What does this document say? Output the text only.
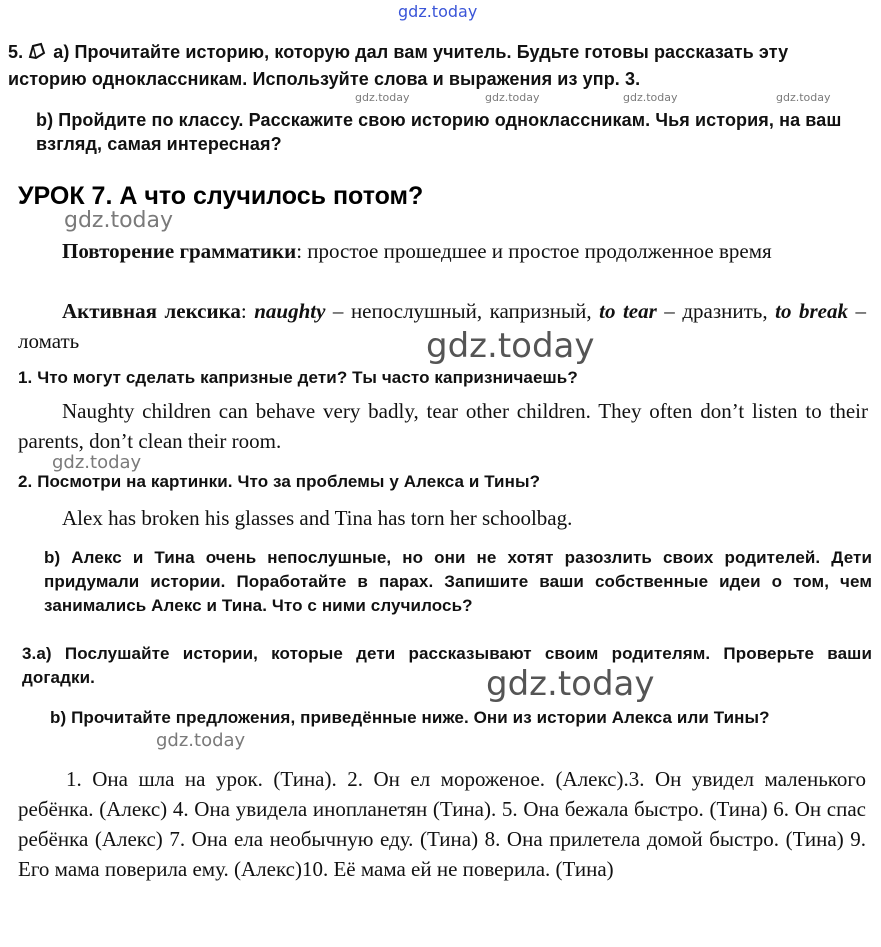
gdz.today
5. a) Прочитайте историю, которую дал вам учитель. Будьте готовы рассказать эту историю одноклассникам. Используйте слова и выражения из упр. 3.
gdz.today	gdz.today	gdz.today	gdz.today
b) Пройдите по классу. Расскажите свою историю одноклассникам. Чья история, на ваш взгляд, самая интересная?
УРОК 7. А что случилось потом?
gdz.today
Повторение грамматики: простое прошедшее и простое продолженное время
Активная лексика: naughty – непослушный, капризный, to tear – дразнить, to break – ломать	gdz.today
1. Что могут сделать капризные дети? Ты часто капризничаешь?
Naughty children can behave very badly, tear other children. They often don’t listen to their parents, don’t clean their room.
gdz.today
2. Посмотри на картинки. Что за проблемы у Алекса и Тины?
Alex has broken his glasses and Tina has torn her schoolbag.
b) Алекс и Тина очень непослушные, но они не хотят разозлить своих родителей. Дети придумали истории. Поработайте в парах. Запишите ваши собственные идеи о том, чем занимались Алекс и Тина. Что с ними случилось?
3.a) Послушайте истории, которые дети рассказывают своим родителям. Проверьте ваши догадки.	gdz.today
b) Прочитайте предложения, приведённые ниже. Они из истории Алекса или Тины?
gdz.today
1. Она шла на урок. (Тина). 2. Он ел мороженое. (Алекс).3. Он увидел маленького ребёнка. (Алекс) 4. Она увидела инопланетян (Тина). 5. Она бежала быстро. (Тина) 6. Он спас ребёнка (Алекс) 7. Она ела необычную еду. (Тина) 8. Она прилетела домой быстро. (Тина) 9. Его мама поверила ему. (Алекс)10. Её мама ей не поверила. (Тина)
